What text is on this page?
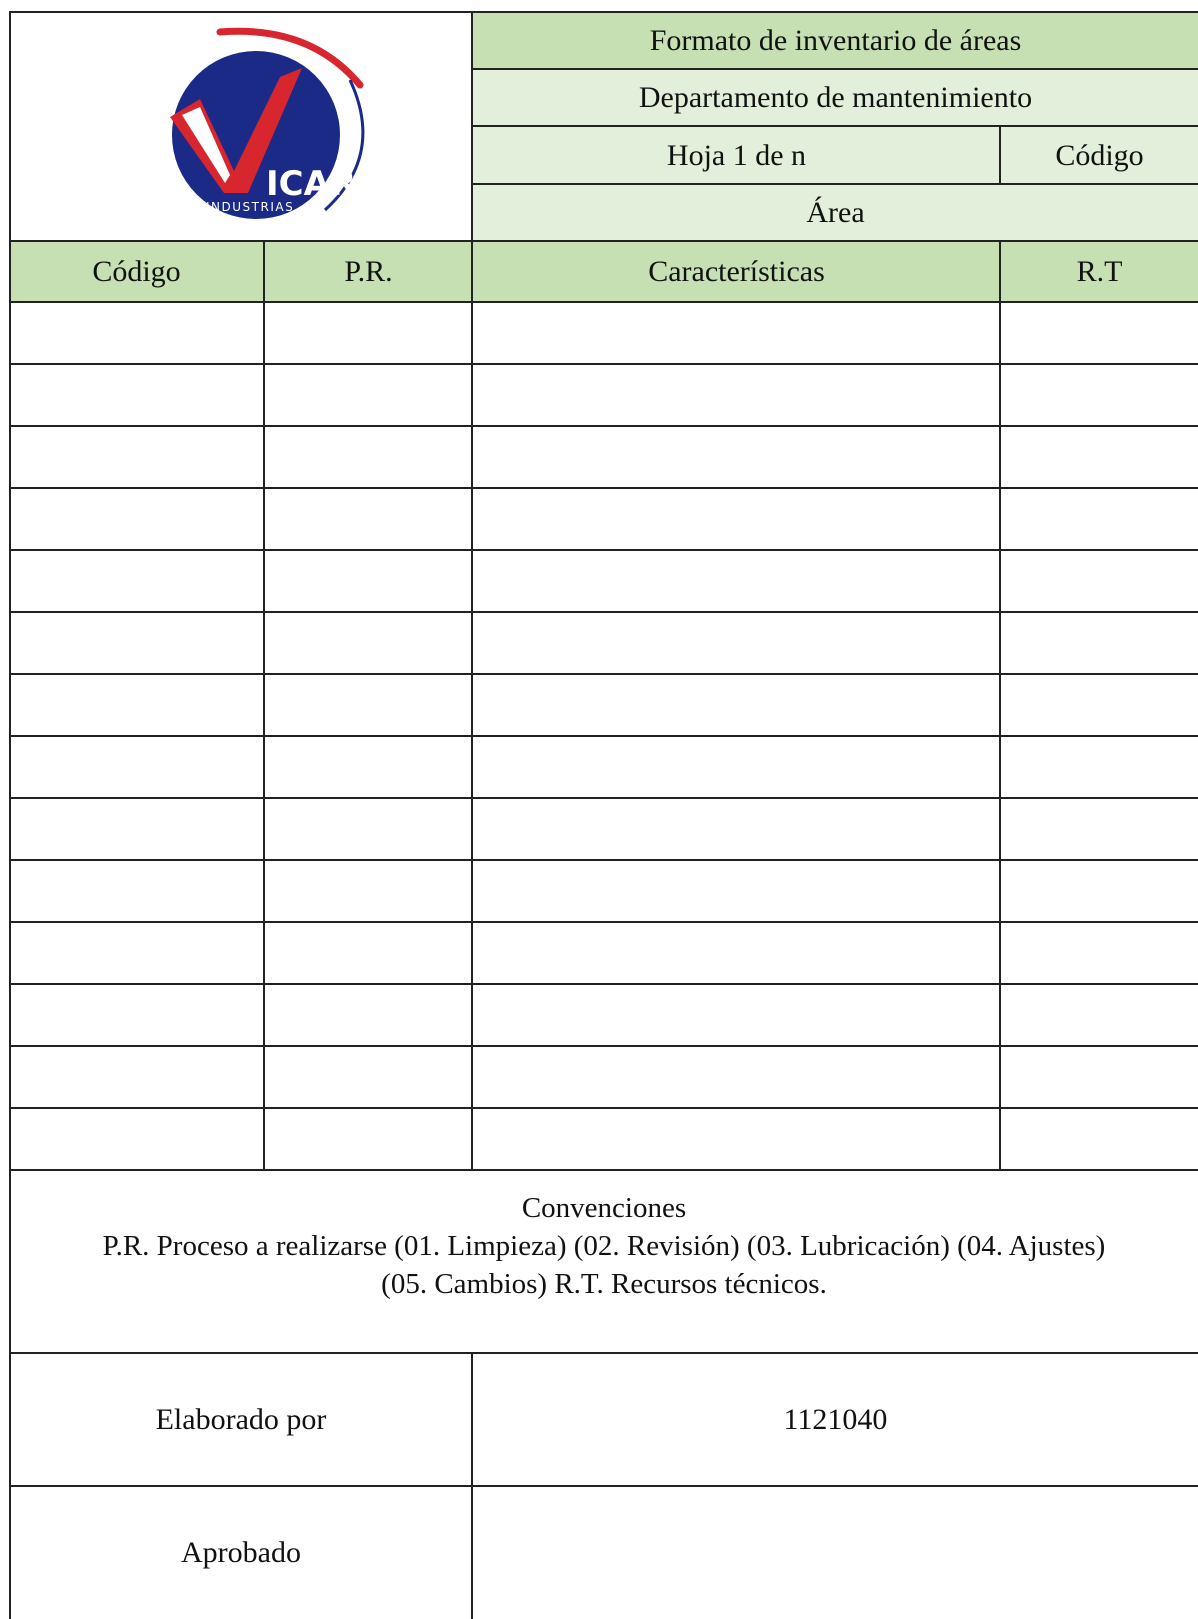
Formato de inventario de áreas
Departamento de mantenimiento
Hoja 1 de n	Código
Área
Código	P.R.	Características	R.T
ICAR
INDUSTRIAS
Convenciones
P.R. Proceso a realizarse (01. Limpieza) (02. Revisión) (03. Lubricación) (04. Ajustes)
(05. Cambios) R.T. Recursos técnicos.
Elaborado por	1121040
Aprobado
